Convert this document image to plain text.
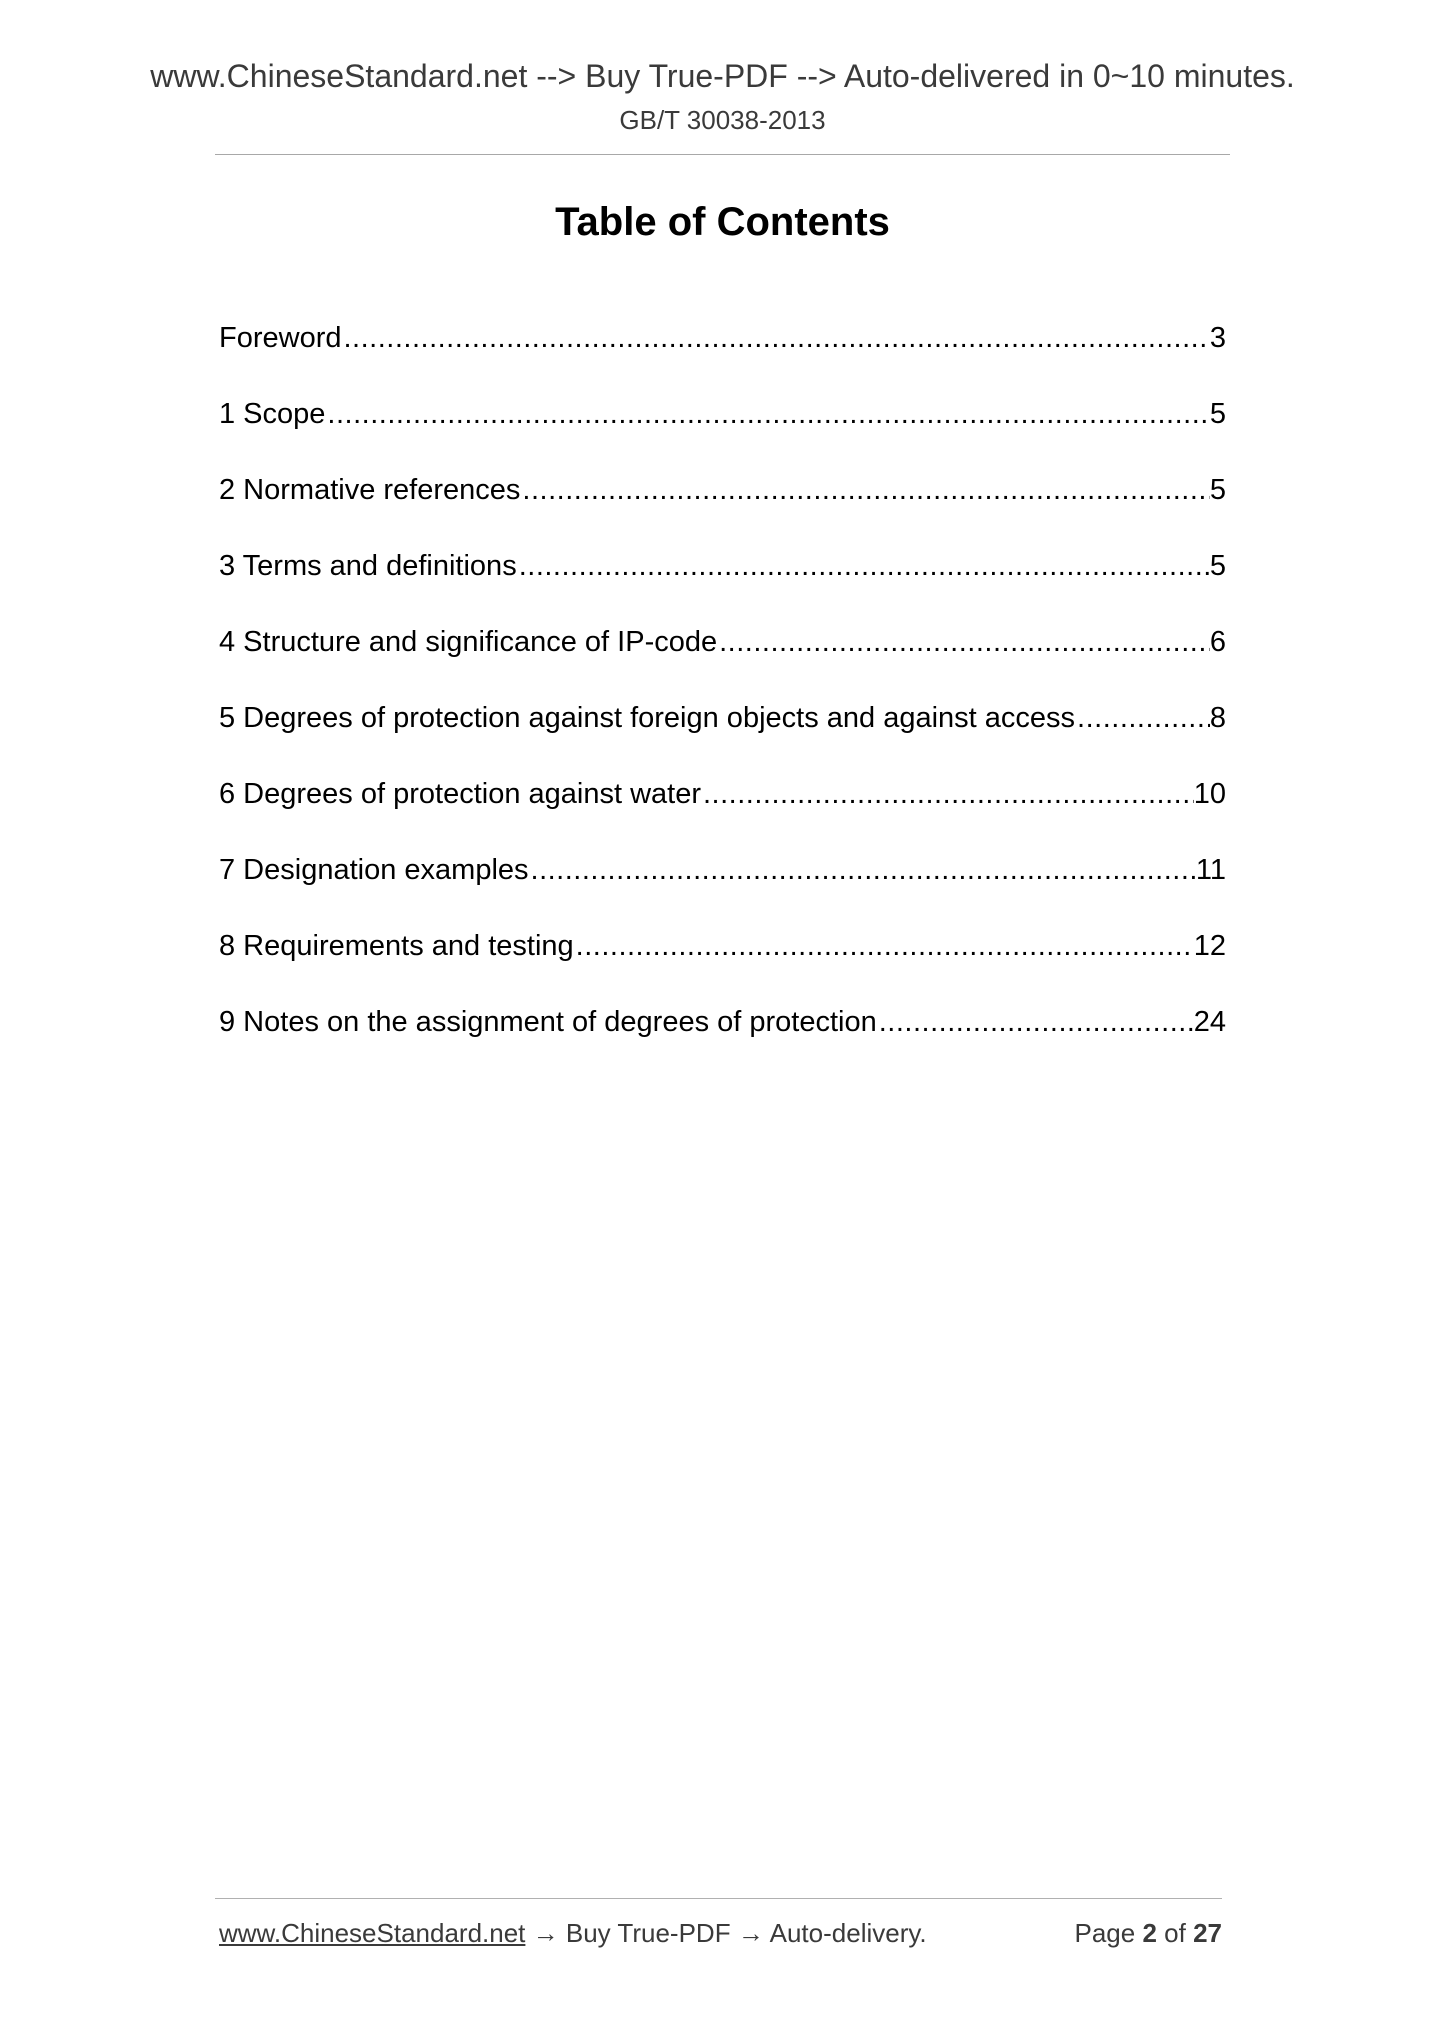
www.ChineseStandard.net --> Buy True-PDF --> Auto-delivered in 0~10 minutes.
GB/T 30038-2013
Table of Contents
Foreword .....	3
1 Scope .....	5
2 Normative references .....	5
3 Terms and definitions .....	5
4 Structure and significance of IP-code .....	6
5 Degrees of protection against foreign objects and against access .....	8
6 Degrees of protection against water .....	10
7 Designation examples .....	11
8 Requirements and testing .....	12
9 Notes on the assignment of degrees of protection .....	24
www.ChineseStandard.net → Buy True-PDF → Auto-delivery.	Page 2 of 27
